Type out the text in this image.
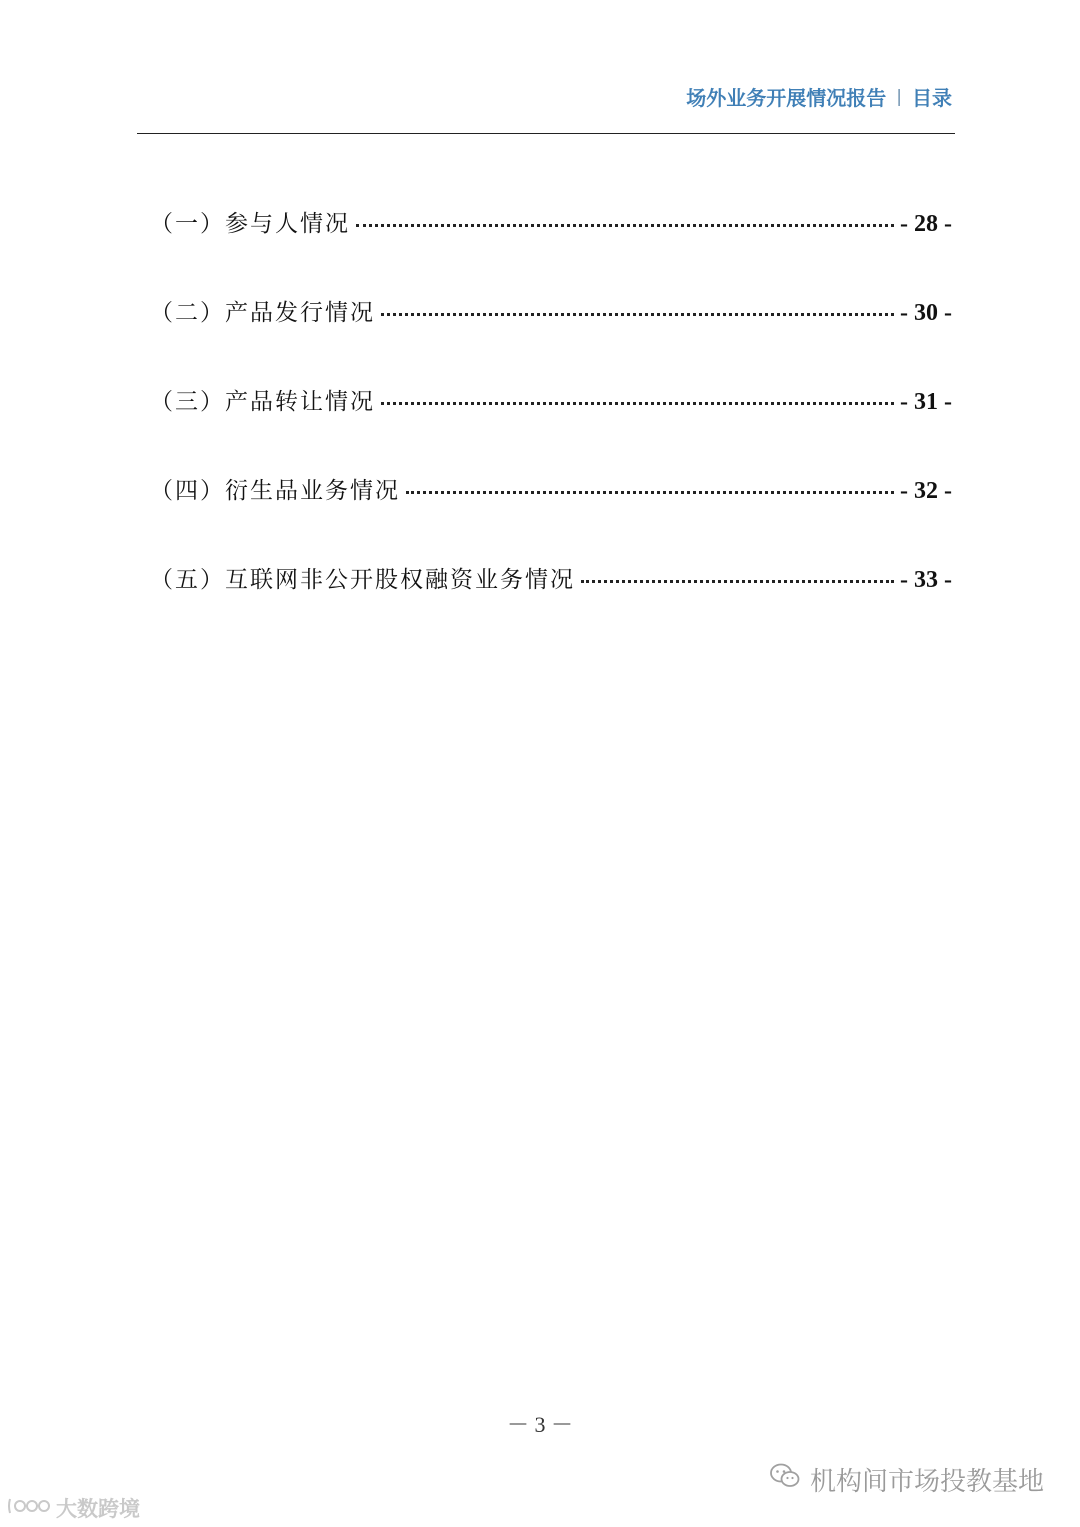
场外业务开展情况报告 | 目录
（一）参与人情况	- 28 -
（二）产品发行情况	- 30 -
（三）产品转让情况	- 31 -
（四）衍生品业务情况	- 32 -
（五）互联网非公开股权融资业务情况	- 33 -
－ 3 －
机构间市场投教基地
大数跨境
